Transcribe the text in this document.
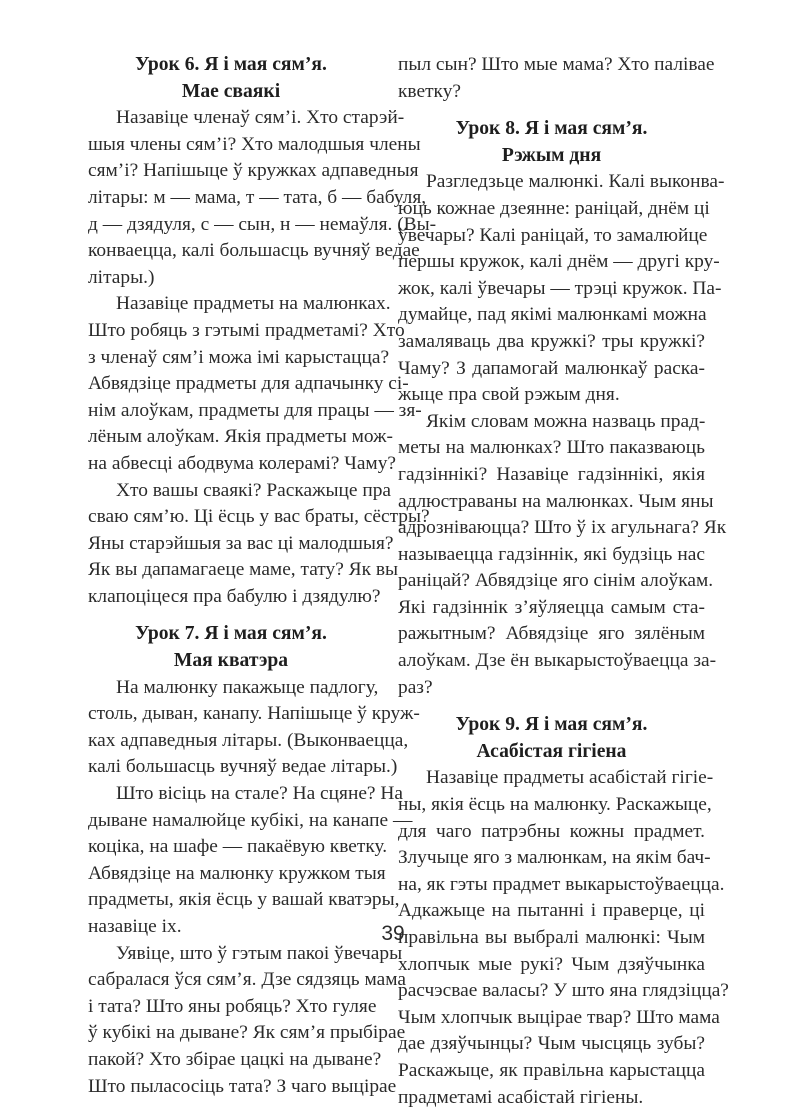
Урок 6. Я і мая сям’я.
Мае сваякі
Назавіце членаў сям’і. Хто старэй-
шыя члены сям’і? Хто малодшыя члены
сям’і? Напішыце ў кружках адпаведныя
літары: м — мама, т — тата, б — бабуля,
д — дзядуля, с — сын, н — немаўля. (Вы-
конваецца, калі большасць вучняў ведае
літары.)
Назавіце прадметы на малюнках.
Што робяць з гэтымі прадметамі? Хто
з членаў сям’і можа імі карыстацца?
Абвядзіце прадметы для адпачынку сі-
нім алоўкам, прадметы для працы — зя-
лёным алоўкам. Якія прадметы мож-
на абвесці абодвума колерамі? Чаму?
Хто вашы сваякі? Раскажыце пра
сваю сям’ю. Ці ёсць у вас браты, сёстры?
Яны старэйшыя за вас ці малодшыя?
Як вы дапамагаеце маме, тату? Як вы
клапоціцеся пра бабулю і дзядулю?
Урок 7. Я і мая сям’я.
Мая кватэра
На малюнку пакажыце падлогу,
столь, дыван, канапу. Напішыце ў круж-
ках адпаведныя літары. (Выконваецца,
калі большасць вучняў ведае літары.)
Што вісіць на стале? На сцяне? На
дыване намалюйце кубікі, на канапе —
коціка, на шафе — пакаёвую кветку.
Абвядзіце на малюнку кружком тыя
прадметы, якія ёсць у вашай кватэры,
назавіце іх.
Уявіце, што ў гэтым пакоі ўвечары
сабралася ўся сям’я. Дзе сядзяць мама
і тата? Што яны робяць? Хто гуляе
ў кубікі на дыване? Як сям’я прыбірае
пакой? Хто збірае цацкі на дыване?
Што пыласосіць тата? З чаго выцірае
пыл сын? Што мые мама? Хто палівае
кветку?
Урок 8. Я і мая сям’я.
Рэжым дня
Разгледзьце малюнкі. Калі выконва-
юць кожнае дзеянне: раніцай, днём ці
ўвечары? Калі раніцай, то замалюйце
першы кружок, калі днём — другі кру-
жок, калі ўвечары — трэці кружок. Па-
думайце, пад якімі малюнкамі можна
замаляваць два кружкі? тры кружкі?
Чаму? З дапамогай малюнкаў раска-
жыце пра свой рэжым дня.
Якім словам можна назваць прад-
меты на малюнках? Што паказваюць
гадзіннікі? Назавіце гадзіннікі, якія
адлюстраваны на малюнках. Чым яны
адрозніваюцца? Што ў іх агульнага? Як
называецца гадзіннік, які будзіць нас
раніцай? Абвядзіце яго сінім алоўкам.
Які гадзіннік з’яўляецца самым ста-
ражытным? Абвядзіце яго зялёным
алоўкам. Дзе ён выкарыстоўваецца за-
раз?
Урок 9. Я і мая сям’я.
Асабістая гігіена
Назавіце прадметы асабістай гігіе-
ны, якія ёсць на малюнку. Раскажыце,
для чаго патрэбны кожны прадмет.
Злучыце яго з малюнкам, на якім бач-
на, як гэты прадмет выкарыстоўваецца.
Адкажыце на пытанні і праверце, ці
правільна вы выбралі малюнкі: Чым
хлопчык мые рукі? Чым дзяўчынка
расчэсвае валасы? У што яна глядзіцца?
Чым хлопчык выцірае твар? Што мама
дае дзяўчынцы? Чым чысцяць зубы?
Раскажыце, як правільна карыстацца
прадметамі асабістай гігіены.
39
